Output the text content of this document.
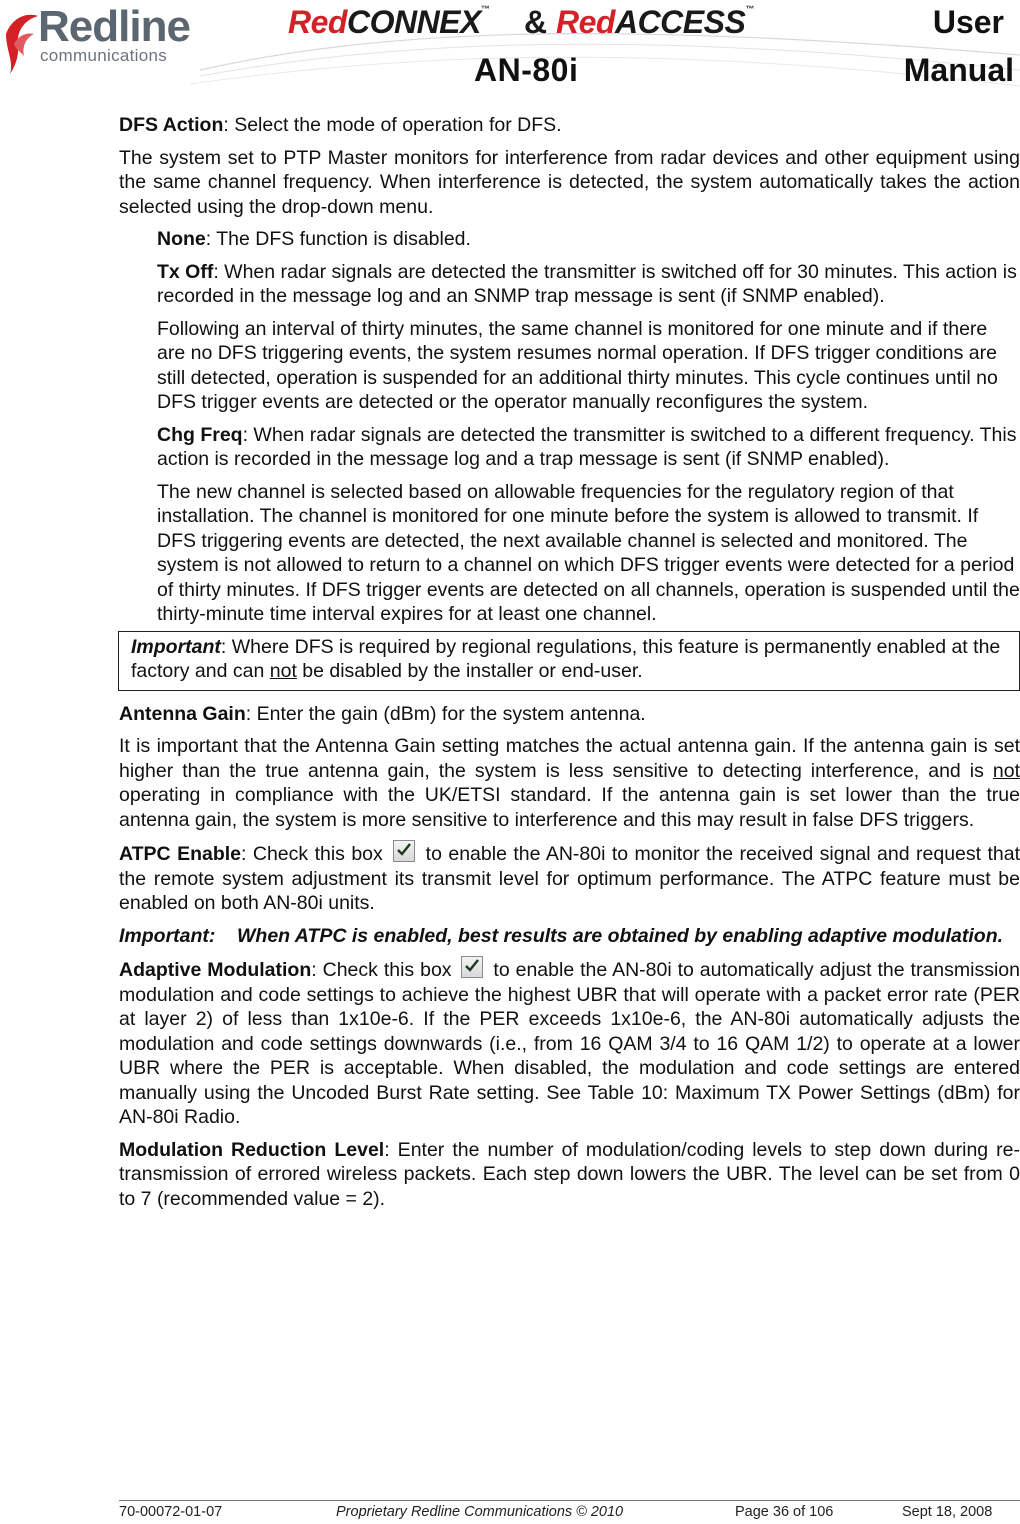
Redline
communications
RedCONNEX™ & RedACCESS™
AN-80i
User
Manual

DFS Action: Select the mode of operation for DFS.

The system set to PTP Master monitors for interference from radar devices and other equipment using the same channel frequency. When interference is detected, the system automatically takes the action selected using the drop-down menu.

None: The DFS function is disabled.

Tx Off: When radar signals are detected the transmitter is switched off for 30 minutes. This action is recorded in the message log and an SNMP trap message is sent (if SNMP enabled).

Following an interval of thirty minutes, the same channel is monitored for one minute and if there are no DFS triggering events, the system resumes normal operation. If DFS trigger conditions are still detected, operation is suspended for an additional thirty minutes. This cycle continues until no DFS trigger events are detected or the operator manually reconfigures the system.

Chg Freq: When radar signals are detected the transmitter is switched to a different frequency. This action is recorded in the message log and a trap message is sent (if SNMP enabled).

The new channel is selected based on allowable frequencies for the regulatory region of that installation. The channel is monitored for one minute before the system is allowed to transmit. If DFS triggering events are detected, the next available channel is selected and monitored. The system is not allowed to return to a channel on which DFS trigger events were detected for a period of thirty minutes. If DFS trigger events are detected on all channels, operation is suspended until the thirty-minute time interval expires for at least one channel.

Important: Where DFS is required by regional regulations, this feature is permanently enabled at the factory and can not be disabled by the installer or end-user.

Antenna Gain: Enter the gain (dBm) for the system antenna.

It is important that the Antenna Gain setting matches the actual antenna gain. If the antenna gain is set higher than the true antenna gain, the system is less sensitive to detecting interference, and is not operating in compliance with the UK/ETSI standard. If the antenna gain is set lower than the true antenna gain, the system is more sensitive to interference and this may result in false DFS triggers.

ATPC Enable: Check this box to enable the AN-80i to monitor the received signal and request that the remote system adjustment its transmit level for optimum performance. The ATPC feature must be enabled on both AN-80i units.

Important: When ATPC is enabled, best results are obtained by enabling adaptive modulation.

Adaptive Modulation: Check this box to enable the AN-80i to automatically adjust the transmission modulation and code settings to achieve the highest UBR that will operate with a packet error rate (PER at layer 2) of less than 1x10e-6. If the PER exceeds 1x10e-6, the AN-80i automatically adjusts the modulation and code settings downwards (i.e., from 16 QAM 3/4 to 16 QAM 1/2) to operate at a lower UBR where the PER is acceptable. When disabled, the modulation and code settings are entered manually using the Uncoded Burst Rate setting. See Table 10: Maximum TX Power Settings (dBm) for AN-80i Radio.

Modulation Reduction Level: Enter the number of modulation/coding levels to step down during re-transmission of errored wireless packets. Each step down lowers the UBR. The level can be set from 0 to 7 (recommended value = 2).

70-00072-01-07	Proprietary Redline Communications © 2010	Page 36 of 106	Sept 18, 2008
